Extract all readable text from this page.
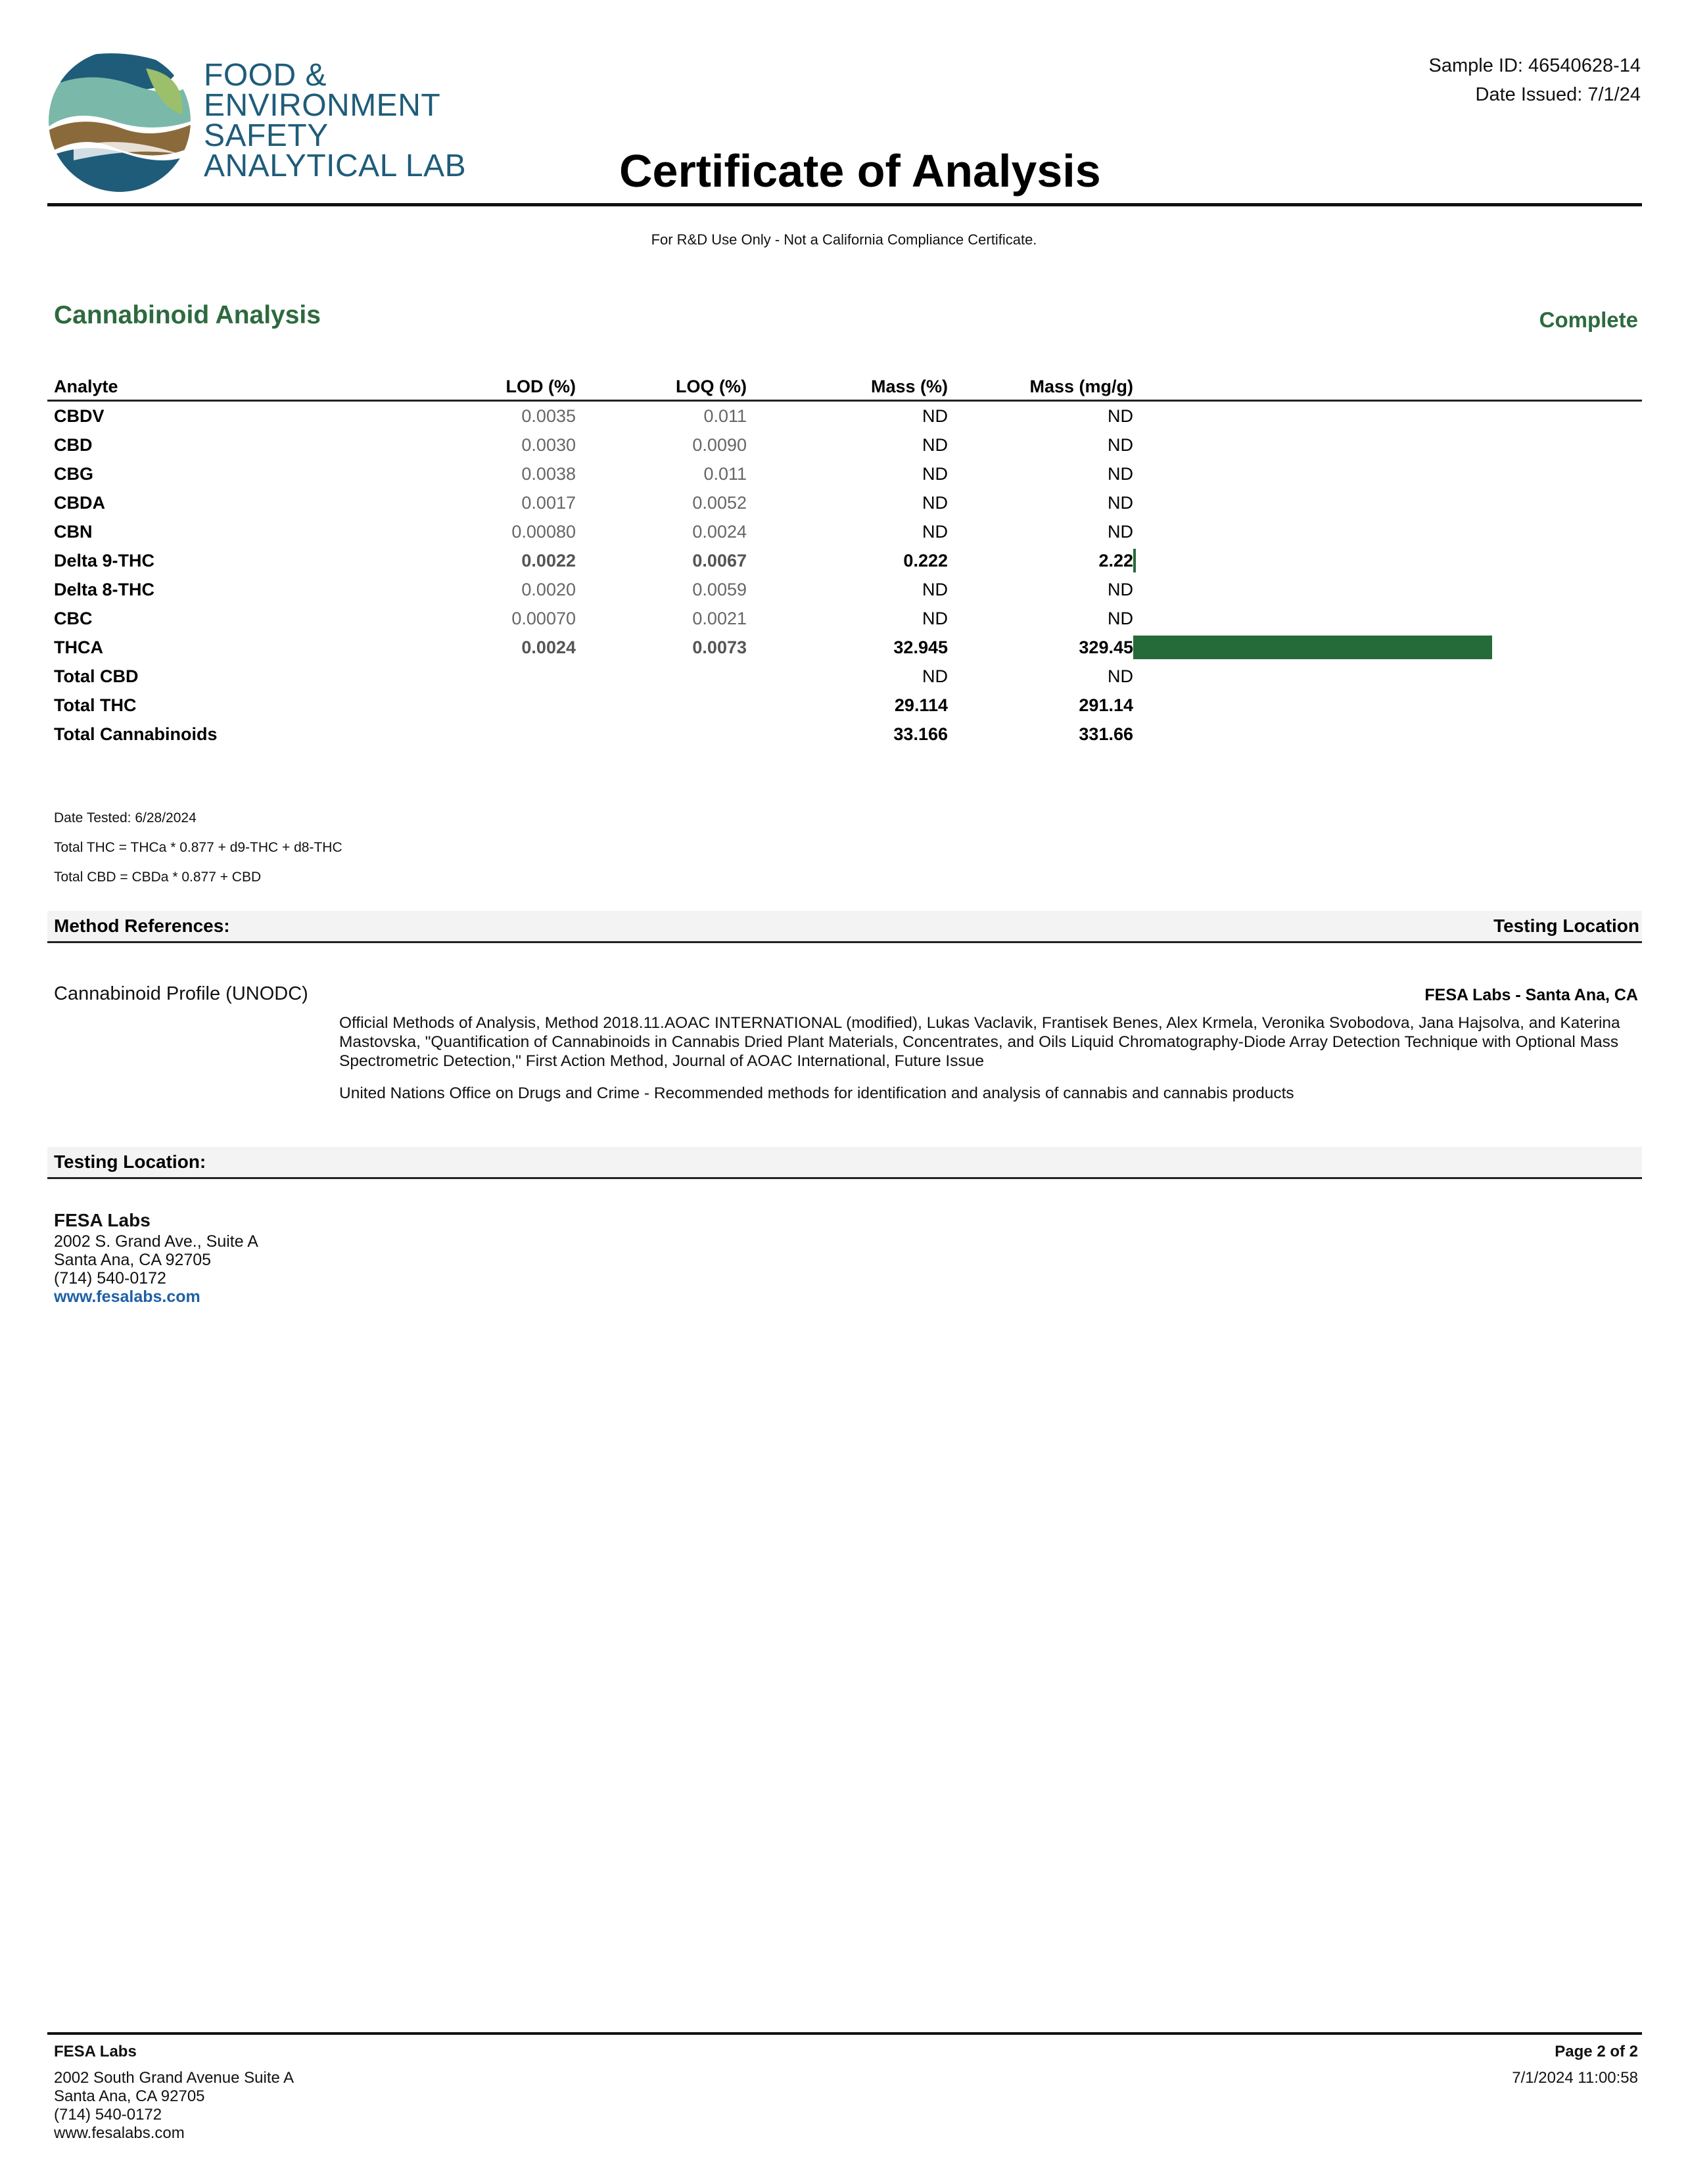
FOOD &
ENVIRONMENT
SAFETY
ANALYTICAL LAB
Sample ID: 46540628-14
Date Issued: 7/1/24
Certificate of Analysis
For R&D Use Only - Not a California Compliance Certificate.
Cannabinoid Analysis	Complete
Analyte	LOD (%)	LOQ (%)	Mass (%)	Mass (mg/g)	
CBDV	0.0035	0.011	ND	ND	
CBD	0.0030	0.0090	ND	ND	
CBG	0.0038	0.011	ND	ND	
CBDA	0.0017	0.0052	ND	ND	
CBN	0.00080	0.0024	ND	ND	
Delta 9-THC	0.0022	0.0067	0.222	2.22	

Delta 8-THC	0.0020	0.0059	ND	ND	
CBC	0.00070	0.0021	ND	ND	
THCA	0.0024	0.0073	32.945	329.45	

Total CBD			ND	ND	
Total THC			29.114	291.14	
Total Cannabinoids			33.166	331.66	
Date Tested: 6/28/2024
Total THC = THCa * 0.877 + d9-THC + d8-THC
Total CBD = CBDa * 0.877 + CBD
Method References:	Testing Location
Cannabinoid Profile (UNODC)	FESA Labs - Santa Ana, CA

Official Methods of Analysis, Method 2018.11.AOAC INTERNATIONAL (modified), Lukas Vaclavik, Frantisek Benes, Alex Krmela, Veronika Svobodova, Jana Hajsolva, and Katerina Mastovska, "Quantification of Cannabinoids in Cannabis Dried Plant Materials, Concentrates, and Oils Liquid Chromatography-Diode Array Detection Technique with Optional Mass Spectrometric Detection," First Action Method, Journal of AOAC International, Future Issue

United Nations Office on Drugs and Crime - Recommended methods for identification and analysis of cannabis and cannabis products

Testing Location:
FESA Labs
2002 S. Grand Ave., Suite A
Santa Ana, CA 92705
(714) 540-0172
www.fesalabs.com
FESA Labs
2002 South Grand Avenue Suite A
Santa Ana, CA 92705
(714) 540-0172
www.fesalabs.com
Page 2 of 2
7/1/2024 11:00:58
